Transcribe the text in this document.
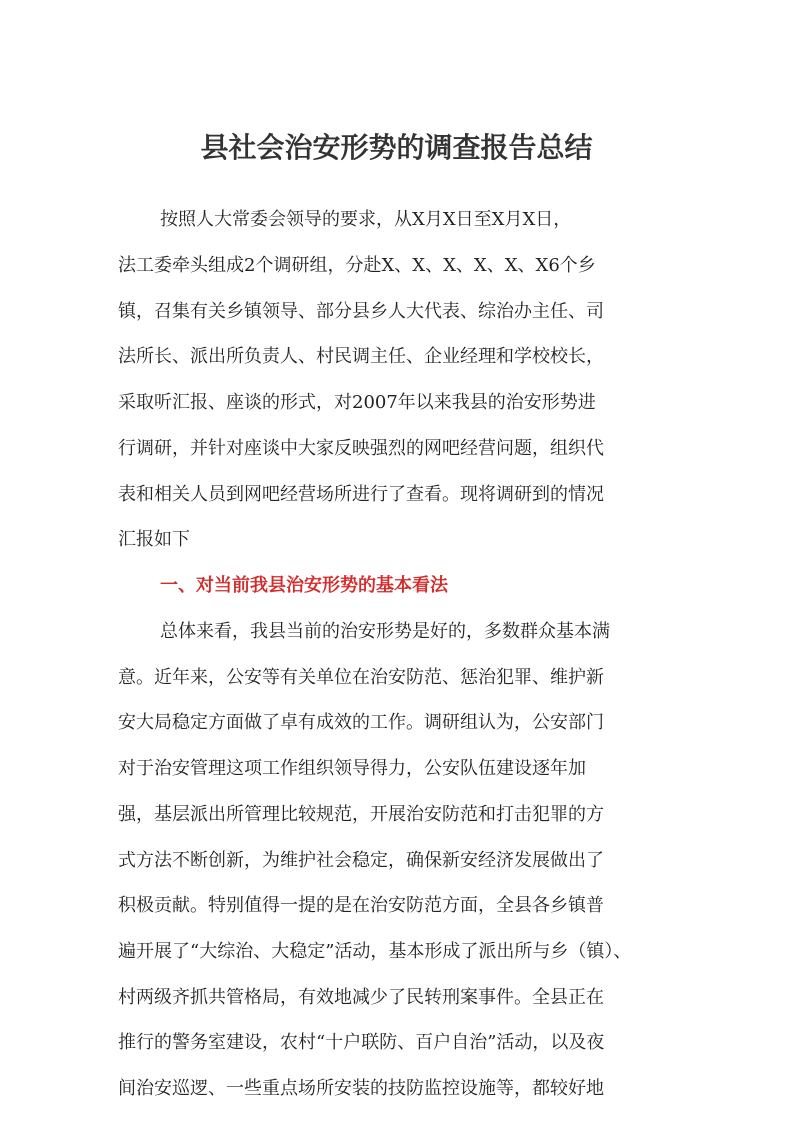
县社会治安形势的调查报告总结

按照人大常委会领导的要求，从X月X日至X月X日，

法工委牵头组成2个调研组，分赴X、X、X、X、X、X6个乡

镇，召集有关乡镇领导、部分县乡人大代表、综治办主任、司

法所长、派出所负责人、村民调主任、企业经理和学校校长，

采取听汇报、座谈的形式，对2007年以来我县的治安形势进

行调研，并针对座谈中大家反映强烈的网吧经营问题，组织代

表和相关人员到网吧经营场所进行了查看。现将调研到的情况

汇报如下

一、对当前我县治安形势的基本看法

总体来看，我县当前的治安形势是好的，多数群众基本满

意。近年来，公安等有关单位在治安防范、惩治犯罪、维护新

安大局稳定方面做了卓有成效的工作。调研组认为，公安部门

对于治安管理这项工作组织领导得力，公安队伍建设逐年加

强，基层派出所管理比较规范，开展治安防范和打击犯罪的方

式方法不断创新，为维护社会稳定，确保新安经济发展做出了

积极贡献。特别值得一提的是在治安防范方面，全县各乡镇普

遍开展了“大综治、大稳定”活动，基本形成了派出所与乡（镇）、

村两级齐抓共管格局，有效地减少了民转刑案事件。全县正在

推行的警务室建设，农村“十户联防、百户自治”活动，以及夜

间治安巡逻、一些重点场所安装的技防监控设施等，都较好地
